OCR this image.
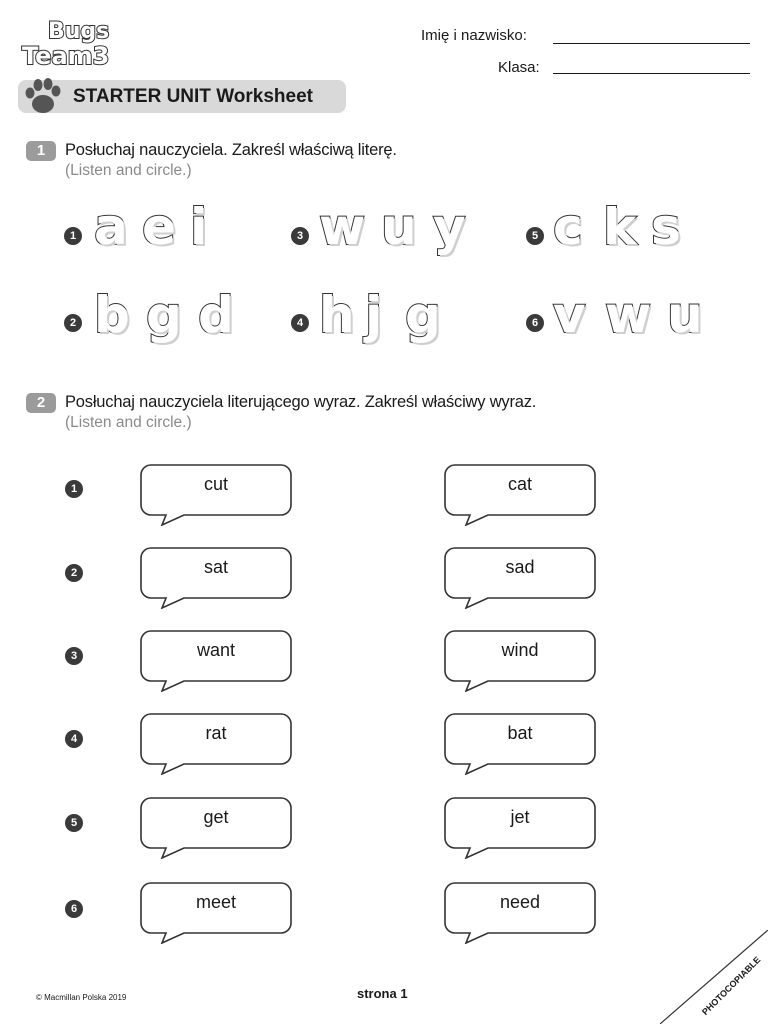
Bugs
Team3
Imię i nazwisko:
Klasa:
STARTER UNIT Worksheet
1	Posłuchaj nauczyciela. Zakreśl właściwą literę.
(Listen and circle.)
1 a e i
2 b g d
3 w u y
4 h j g
5 c k s
6 v w u
2	Posłuchaj nauczyciela literującego wyraz. Zakreśl właściwy wyraz.
(Listen and circle.)
1	cut	cat
2	sat	sad
3	want	wind
4	rat	bat
5	get	jet
6	meet	need
© Macmillan Polska 2019	strona 1	PHOTOCOPIABLE
